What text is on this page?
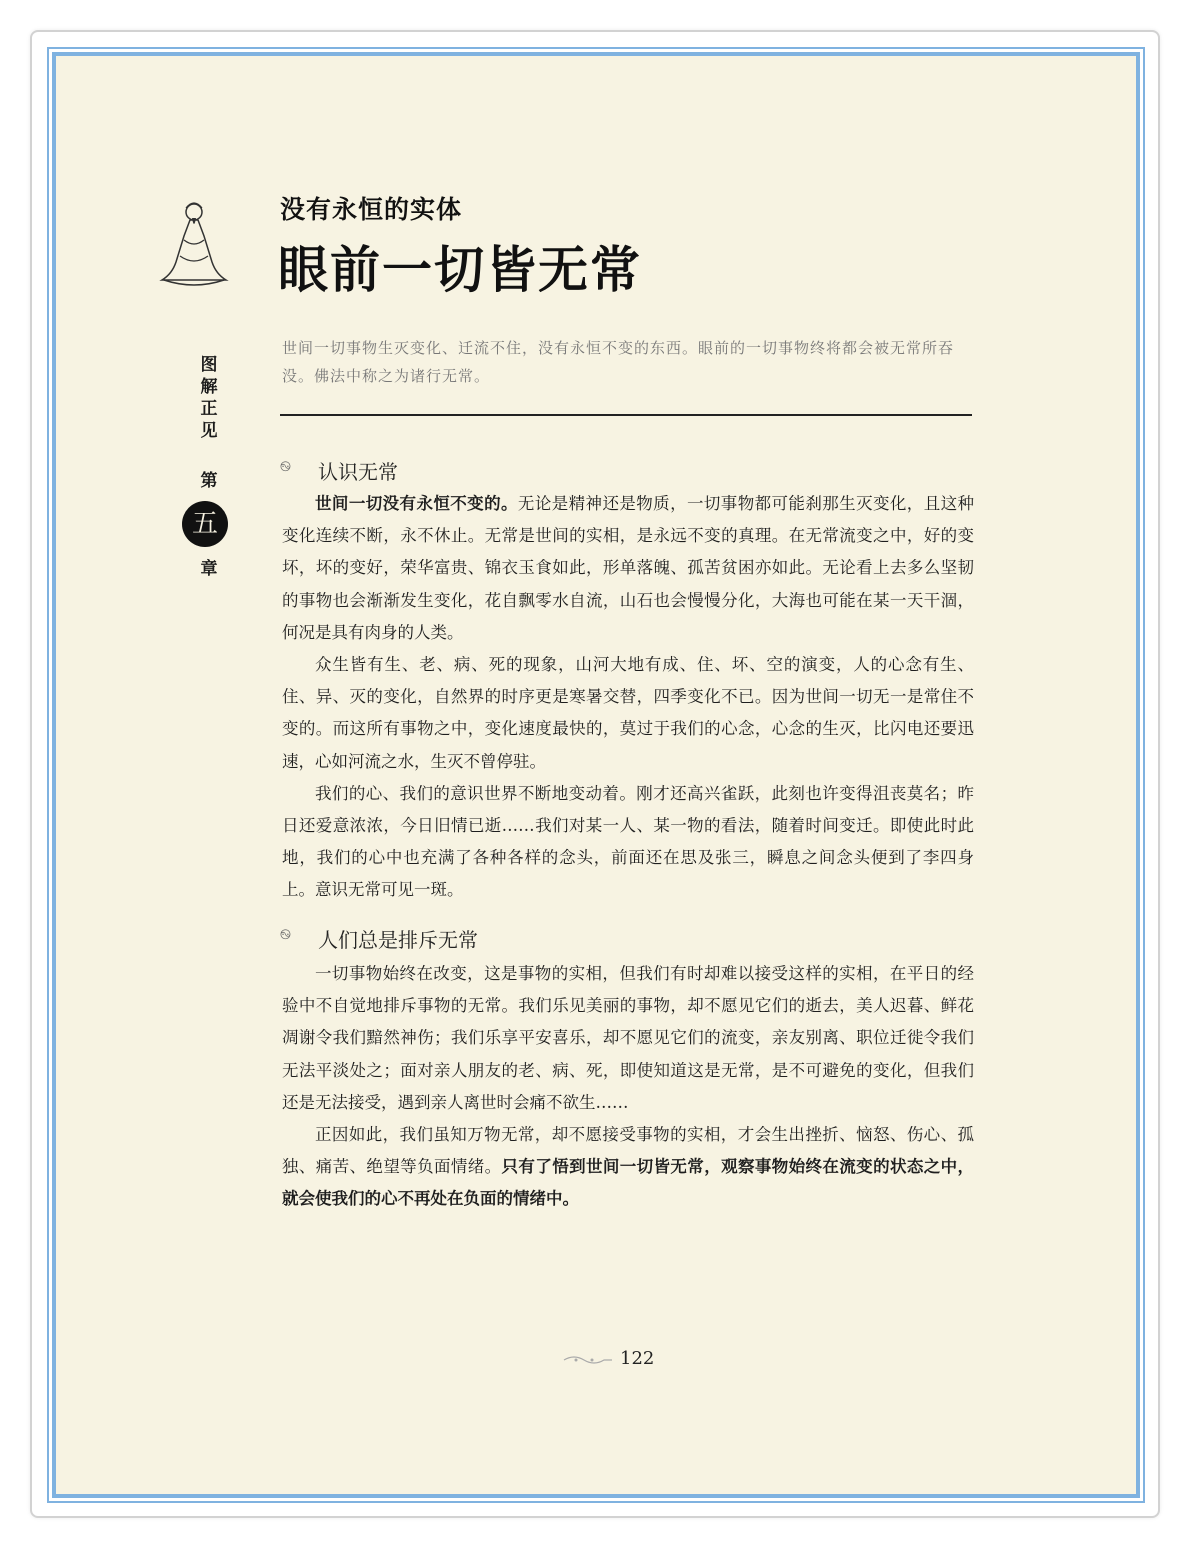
图
解
正
见
第
五
章
没有永恒的实体
眼前一切皆无常
世间一切事物生灭变化、迁流不住，没有永恒不变的东西。眼前的一切事物终将都会被无常所吞没。佛法中称之为诸行无常。
࿊	认识无常

世间一切没有永恒不变的。无论是精神还是物质，一切事物都可能刹那生灭变化，且这种变化连续不断，永不休止。无常是世间的实相，是永远不变的真理。在无常流变之中，好的变坏，坏的变好，荣华富贵、锦衣玉食如此，形单落魄、孤苦贫困亦如此。无论看上去多么坚韧的事物也会渐渐发生变化，花自飘零水自流，山石也会慢慢分化，大海也可能在某一天干涸，何况是具有肉身的人类。

众生皆有生、老、病、死的现象，山河大地有成、住、坏、空的演变，人的心念有生、住、异、灭的变化，自然界的时序更是寒暑交替，四季变化不已。因为世间一切无一是常住不变的。而这所有事物之中，变化速度最快的，莫过于我们的心念，心念的生灭，比闪电还要迅速，心如河流之水，生灭不曾停驻。

我们的心、我们的意识世界不断地变动着。刚才还高兴雀跃，此刻也许变得沮丧莫名；昨日还爱意浓浓，今日旧情已逝……我们对某一人、某一物的看法，随着时间变迁。即使此时此地，我们的心中也充满了各种各样的念头，前面还在思及张三，瞬息之间念头便到了李四身上。意识无常可见一斑。

࿊	人们总是排斥无常

一切事物始终在改变，这是事物的实相，但我们有时却难以接受这样的实相，在平日的经验中不自觉地排斥事物的无常。我们乐见美丽的事物，却不愿见它们的逝去，美人迟暮、鲜花凋谢令我们黯然神伤；我们乐享平安喜乐，却不愿见它们的流变，亲友别离、职位迁徙令我们无法平淡处之；面对亲人朋友的老、病、死，即使知道这是无常，是不可避免的变化，但我们还是无法接受，遇到亲人离世时会痛不欲生……

正因如此，我们虽知万物无常，却不愿接受事物的实相，才会生出挫折、恼怒、伤心、孤独、痛苦、绝望等负面情绪。只有了悟到世间一切皆无常，观察事物始终在流变的状态之中，就会使我们的心不再处在负面的情绪中。

122
